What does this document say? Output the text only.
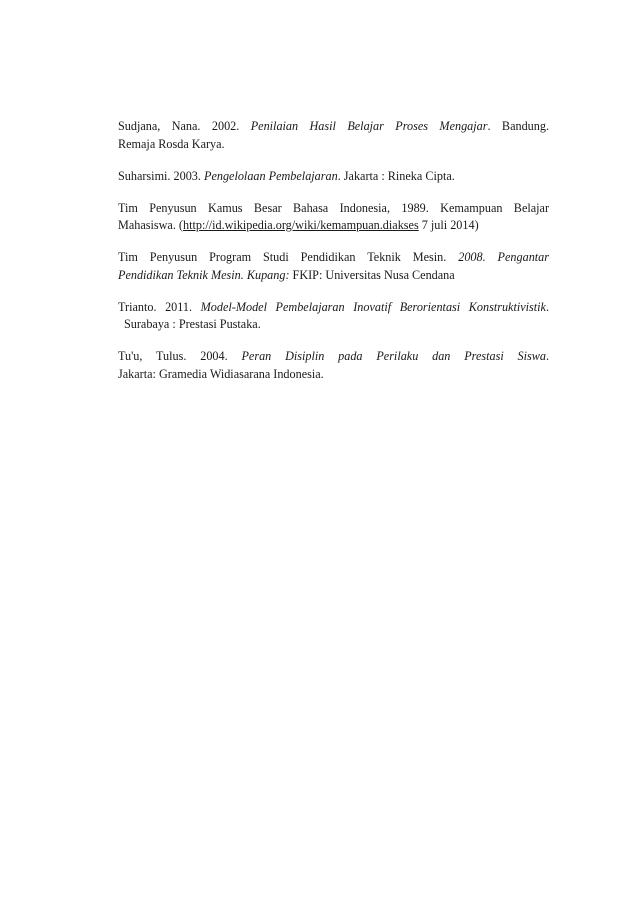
Sudjana, Nana. 2002. Penilaian Hasil Belajar Proses Mengajar. Bandung.
Remaja Rosda Karya.

Suharsimi. 2003. Pengelolaan Pembelajaran. Jakarta : Rineka Cipta.

Tim Penyusun Kamus Besar Bahasa Indonesia, 1989. Kemampuan Belajar
Mahasiswa. (http://id.wikipedia.org/wiki/kemampuan.diakses 7 juli 2014)

Tim Penyusun Program Studi Pendidikan Teknik Mesin. 2008. Pengantar
Pendidikan Teknik Mesin. Kupang: FKIP: Universitas Nusa Cendana

Trianto. 2011. Model-Model Pembelajaran Inovatif Berorientasi Konstruktivistik.
Surabaya : Prestasi Pustaka.

Tu'u, Tulus. 2004. Peran Disiplin pada Perilaku dan Prestasi Siswa.
Jakarta: Gramedia Widiasarana Indonesia.
